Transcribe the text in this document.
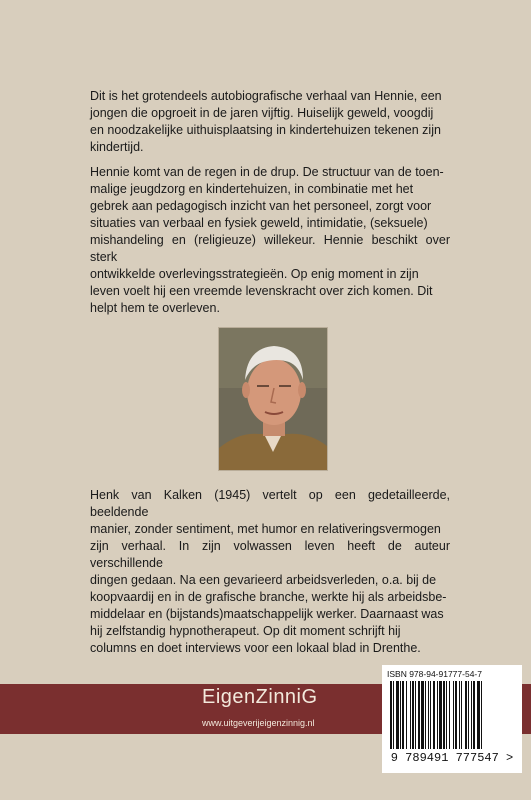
Dit is het grotendeels autobiografische verhaal van Hennie, een
jongen die opgroeit in de jaren vijftig. Huiselijk geweld, voogdij
en noodzakelijke uithuisplaatsing in kindertehuizen tekenen zijn
kindertijd.
Hennie komt van de regen in de drup. De structuur van de toen-
malige jeugdzorg en kindertehuizen, in combinatie met het
gebrek aan pedagogisch inzicht van het personeel, zorgt voor
situaties van verbaal en fysiek geweld, intimidatie, (seksuele)
mishandeling en (religieuze) willekeur. Hennie beschikt over sterk
ontwikkelde overlevingsstrategieën. Op enig moment in zijn
leven voelt hij een vreemde levenskracht over zich komen. Dit
helpt hem te overleven.
Henk van Kalken (1945) vertelt op een gedetailleerde, beeldende
manier, zonder sentiment, met humor en relativeringsvermogen
zijn verhaal. In zijn volwassen leven heeft de auteur verschillende
dingen gedaan. Na een gevarieerd arbeidsverleden, o.a. bij de
koopvaardij en in de grafische branche, werkte hij als arbeidsbe-
middelaar en (bijstands)maatschappelijk werker. Daarnaast was
hij zelfstandig hypnotherapeut. Op dit moment schrijft hij
columns en doet interviews voor een lokaal blad in Drenthe.
EigenZinniG
www.uitgeverijeigenzinnig.nl
ISBN 978-94-91777-54-7
9 789491 777547 >
